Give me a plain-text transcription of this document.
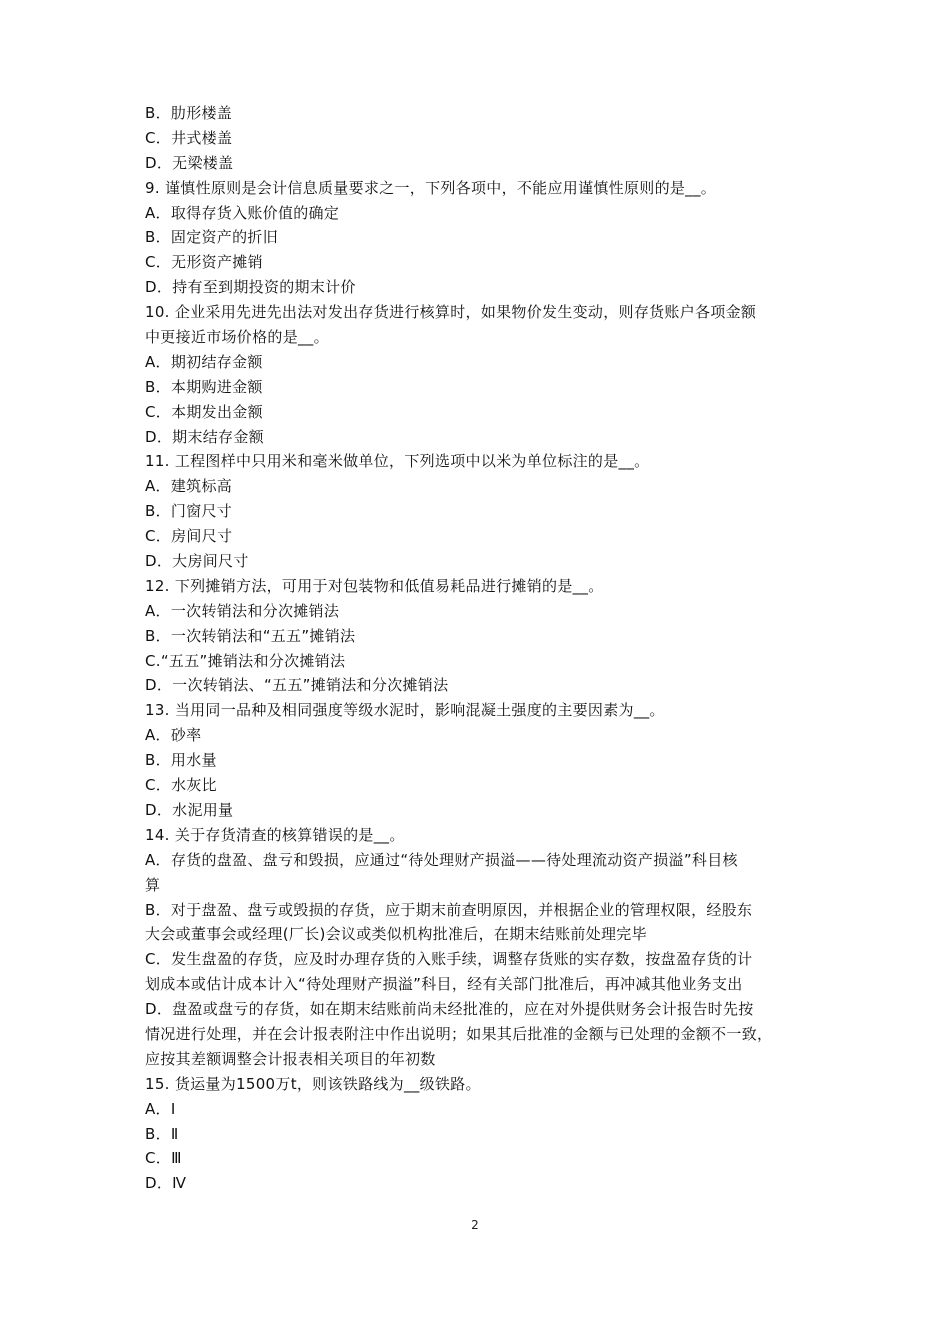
B．肋形楼盖
C．井式楼盖
D．无梁楼盖
9. 谨慎性原则是会计信息质量要求之一，下列各项中，不能应用谨慎性原则的是__。
A．取得存货入账价值的确定
B．固定资产的折旧
C．无形资产摊销
D．持有至到期投资的期末计价
10. 企业采用先进先出法对发出存货进行核算时，如果物价发生变动，则存货账户各项金额
中更接近市场价格的是__。
A．期初结存金额
B．本期购进金额
C．本期发出金额
D．期末结存金额
11. 工程图样中只用米和毫米做单位，下列选项中以米为单位标注的是__。
A．建筑标高
B．门窗尺寸
C．房间尺寸
D．大房间尺寸
12. 下列摊销方法，可用于对包装物和低值易耗品进行摊销的是__。
A．一次转销法和分次摊销法
B．一次转销法和“五五”摊销法
C.“五五”摊销法和分次摊销法
D．一次转销法、“五五”摊销法和分次摊销法
13. 当用同一品种及相同强度等级水泥时，影响混凝土强度的主要因素为__。
A．砂率
B．用水量
C．水灰比
D．水泥用量
14. 关于存货清查的核算错误的是__。
A．存货的盘盈、盘亏和毁损，应通过“待处理财产损溢——待处理流动资产损溢”科目核
算
B．对于盘盈、盘亏或毁损的存货，应于期末前查明原因，并根据企业的管理权限，经股东
大会或董事会或经理(厂长)会议或类似机构批准后，在期末结账前处理完毕
C．发生盘盈的存货，应及时办理存货的入账手续，调整存货账的实存数，按盘盈存货的计
划成本或估计成本计入“待处理财产损溢”科目，经有关部门批准后，再冲减其他业务支出
D．盘盈或盘亏的存货，如在期末结账前尚未经批准的，应在对外提供财务会计报告时先按
情况进行处理，并在会计报表附注中作出说明；如果其后批准的金额与已处理的金额不一致，
应按其差额调整会计报表相关项目的年初数
15. 货运量为1500万t，则该铁路线为__级铁路。
A．Ⅰ
B．Ⅱ
C．Ⅲ
D．Ⅳ
2
